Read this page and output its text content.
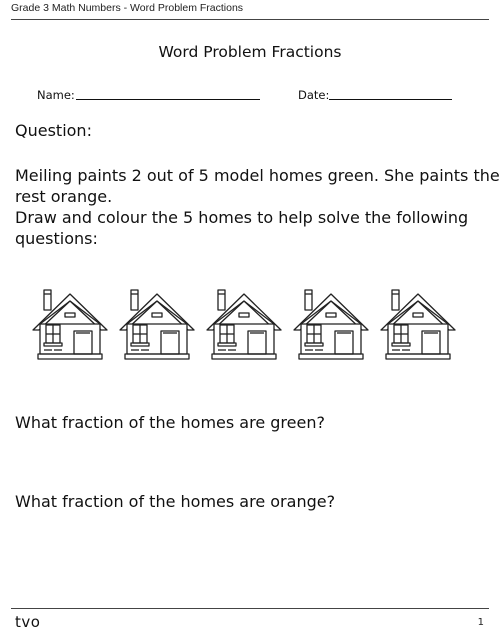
Grade 3 Math Numbers - Word Problem Fractions
Word Problem Fractions
Name:	Date:
Question:
Meiling paints 2 out of 5 model homes green. She paints the
rest orange.
Draw and colour the 5 homes to help solve the following
questions:
What fraction of the homes are green?
What fraction of the homes are orange?
tvo	1
